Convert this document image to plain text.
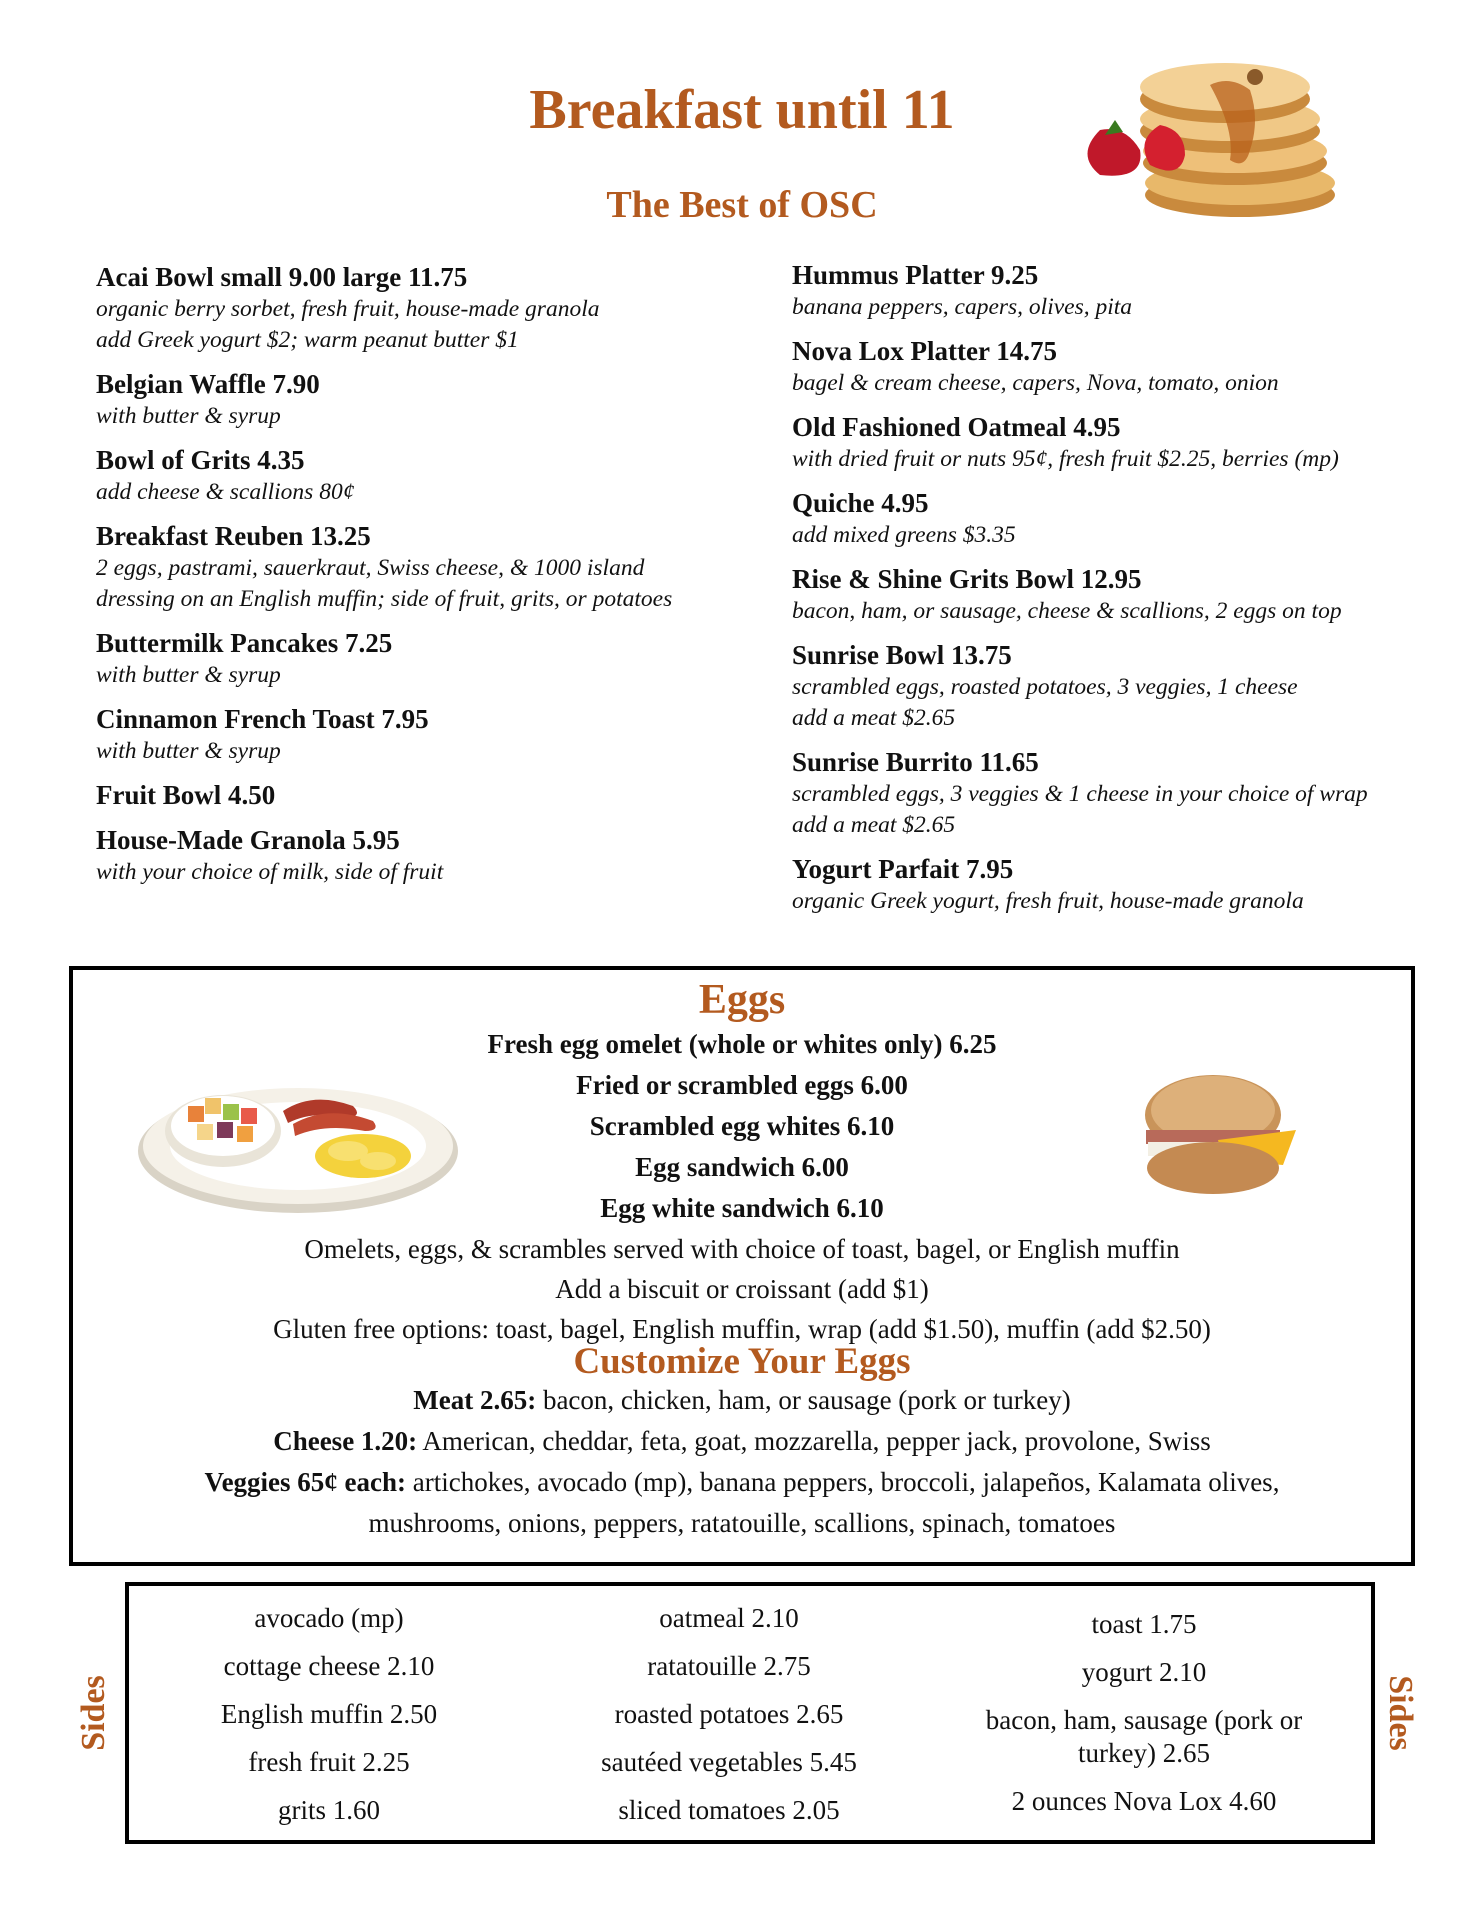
Breakfast until 11
The Best of OSC
Acai Bowl small 9.00 large 11.75
organic berry sorbet, fresh fruit, house-made granola
add Greek yogurt $2; warm peanut butter $1
Belgian Waffle 7.90
with butter & syrup
Bowl of Grits 4.35
add cheese & scallions 80¢
Breakfast Reuben 13.25
2 eggs, pastrami, sauerkraut, Swiss cheese, & 1000 island
dressing on an English muffin; side of fruit, grits, or potatoes
Buttermilk Pancakes 7.25
with butter & syrup
Cinnamon French Toast 7.95
with butter & syrup
Fruit Bowl 4.50
House-Made Granola 5.95
with your choice of milk, side of fruit
Hummus Platter 9.25
banana peppers, capers, olives, pita
Nova Lox Platter 14.75
bagel & cream cheese, capers, Nova, tomato, onion
Old Fashioned Oatmeal 4.95
with dried fruit or nuts 95¢, fresh fruit $2.25, berries (mp)
Quiche 4.95
add mixed greens $3.35
Rise & Shine Grits Bowl 12.95
bacon, ham, or sausage, cheese & scallions, 2 eggs on top
Sunrise Bowl 13.75
scrambled eggs, roasted potatoes, 3 veggies, 1 cheese
add a meat $2.65
Sunrise Burrito 11.65
scrambled eggs, 3 veggies & 1 cheese in your choice of wrap
add a meat $2.65
Yogurt Parfait 7.95
organic Greek yogurt, fresh fruit, house-made granola
Eggs
Fresh egg omelet (whole or whites only) 6.25
Fried or scrambled eggs 6.00
Scrambled egg whites 6.10
Egg sandwich 6.00
Egg white sandwich 6.10
Omelets, eggs, & scrambles served with choice of toast, bagel, or English muffin
Add a biscuit or croissant (add $1)
Gluten free options: toast, bagel, English muffin, wrap (add $1.50), muffin (add $2.50)
Customize Your Eggs
Meat 2.65: bacon, chicken, ham, or sausage (pork or turkey)
Cheese 1.20: American, cheddar, feta, goat, mozzarella, pepper jack, provolone, Swiss
Veggies 65¢ each: artichokes, avocado (mp), banana peppers, broccoli, jalapeños, Kalamata olives,
mushrooms, onions, peppers, ratatouille, scallions, spinach, tomatoes
Sides	Sides
avocado (mp)
cottage cheese 2.10
English muffin 2.50
fresh fruit 2.25
grits 1.60
oatmeal 2.10
ratatouille 2.75
roasted potatoes 2.65
sautéed vegetables 5.45
sliced tomatoes 2.05
toast 1.75
yogurt 2.10
bacon, ham, sausage (pork or turkey) 2.65
2 ounces Nova Lox 4.60
